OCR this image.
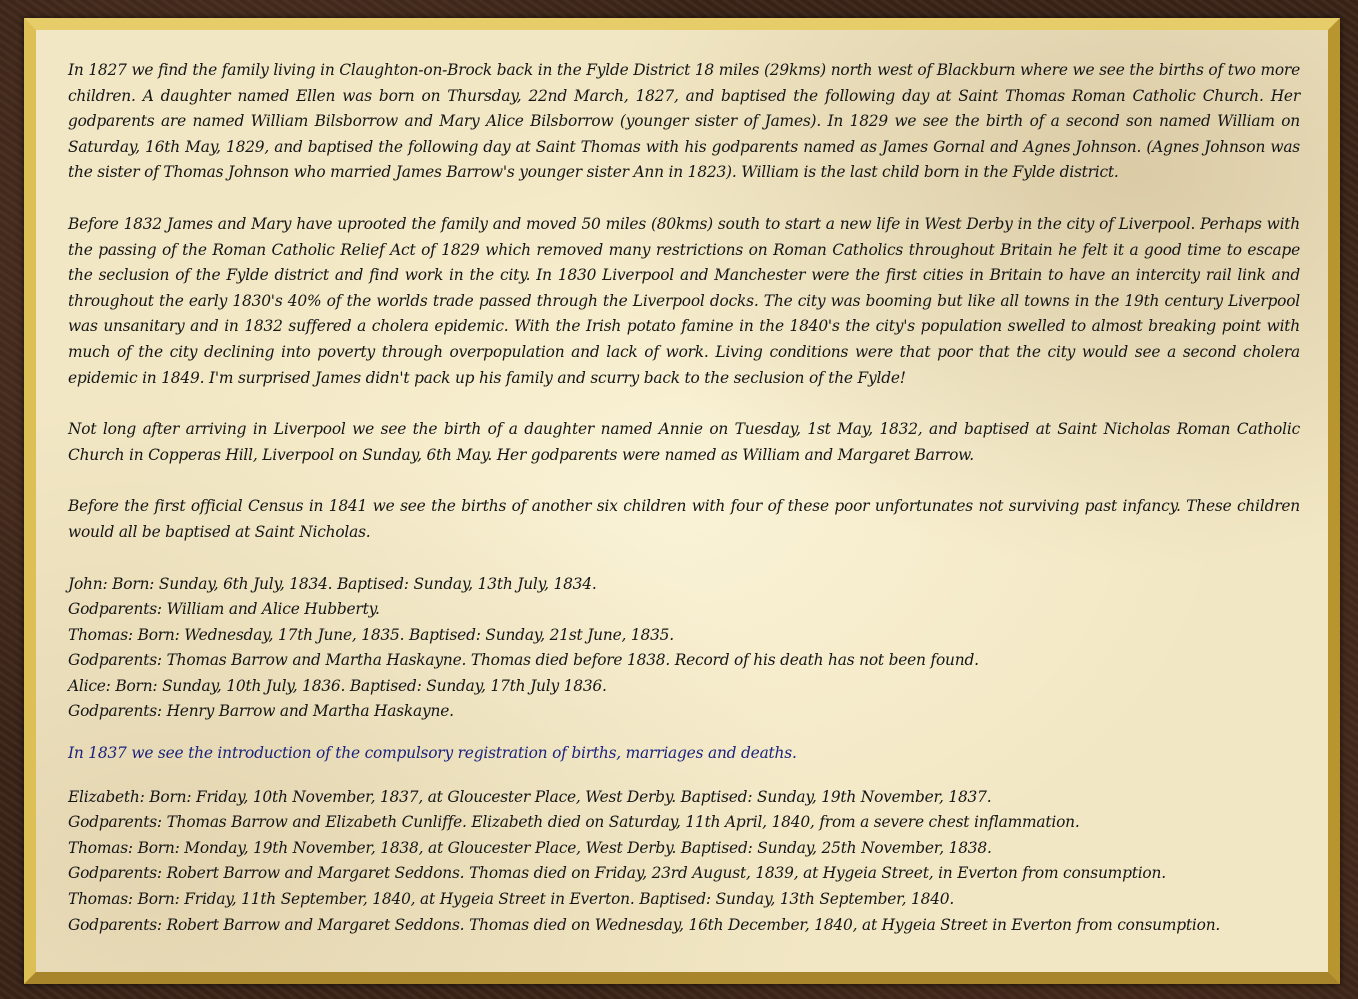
In 1827 we find the family living in Claughton-on-Brock back in the Fylde District 18 miles (29kms) north west of Blackburn where we see the births of two more children. A daughter named Ellen was born on Thursday, 22nd March, 1827, and baptised the following day at Saint Thomas Roman Catholic Church. Her godparents are named William Bilsborrow and Mary Alice Bilsborrow (younger sister of James). In 1829 we see the birth of a second son named William on Saturday, 16th May, 1829, and baptised the following day at Saint Thomas with his godparents named as James Gornal and Agnes Johnson. (Agnes Johnson was the sister of Thomas Johnson who married James Barrow's younger sister Ann in 1823). William is the last child born in the Fylde district.

Before 1832 James and Mary have uprooted the family and moved 50 miles (80kms) south to start a new life in West Derby in the city of Liverpool. Perhaps with the passing of the Roman Catholic Relief Act of 1829 which removed many restrictions on Roman Catholics throughout Britain he felt it a good time to escape the seclusion of the Fylde district and find work in the city. In 1830 Liverpool and Manchester were the first cities in Britain to have an intercity rail link and throughout the early 1830's 40% of the worlds trade passed through the Liverpool docks. The city was booming but like all towns in the 19th century Liverpool was unsanitary and in 1832 suffered a cholera epidemic. With the Irish potato famine in the 1840's the city's population swelled to almost breaking point with much of the city declining into poverty through overpopulation and lack of work. Living conditions were that poor that the city would see a second cholera epidemic in 1849. I'm surprised James didn't pack up his family and scurry back to the seclusion of the Fylde!

Not long after arriving in Liverpool we see the birth of a daughter named Annie on Tuesday, 1st May, 1832, and baptised at Saint Nicholas Roman Catholic Church in Copperas Hill, Liverpool on Sunday, 6th May. Her godparents were named as William and Margaret Barrow.

Before the first official Census in 1841 we see the births of another six children with four of these poor unfortunates not surviving past infancy. These children would all be baptised at Saint Nicholas.

John: Born: Sunday, 6th July, 1834. Baptised: Sunday, 13th July, 1834.
Godparents: William and Alice Hubberty.
Thomas: Born: Wednesday, 17th June, 1835. Baptised: Sunday, 21st June, 1835.
Godparents: Thomas Barrow and Martha Haskayne. Thomas died before 1838. Record of his death has not been found.
Alice: Born: Sunday, 10th July, 1836. Baptised: Sunday, 17th July 1836.
Godparents: Henry Barrow and Martha Haskayne.

In 1837 we see the introduction of the compulsory registration of births, marriages and deaths.

Elizabeth: Born: Friday, 10th November, 1837, at Gloucester Place, West Derby. Baptised: Sunday, 19th November, 1837.
Godparents: Thomas Barrow and Elizabeth Cunliffe. Elizabeth died on Saturday, 11th April, 1840, from a severe chest inflammation.
Thomas: Born: Monday, 19th November, 1838, at Gloucester Place, West Derby. Baptised: Sunday, 25th November, 1838.
Godparents: Robert Barrow and Margaret Seddons. Thomas died on Friday, 23rd August, 1839, at Hygeia Street, in Everton from consumption.
Thomas: Born: Friday, 11th September, 1840, at Hygeia Street in Everton. Baptised: Sunday, 13th September, 1840.
Godparents: Robert Barrow and Margaret Seddons. Thomas died on Wednesday, 16th December, 1840, at Hygeia Street in Everton from consumption.
